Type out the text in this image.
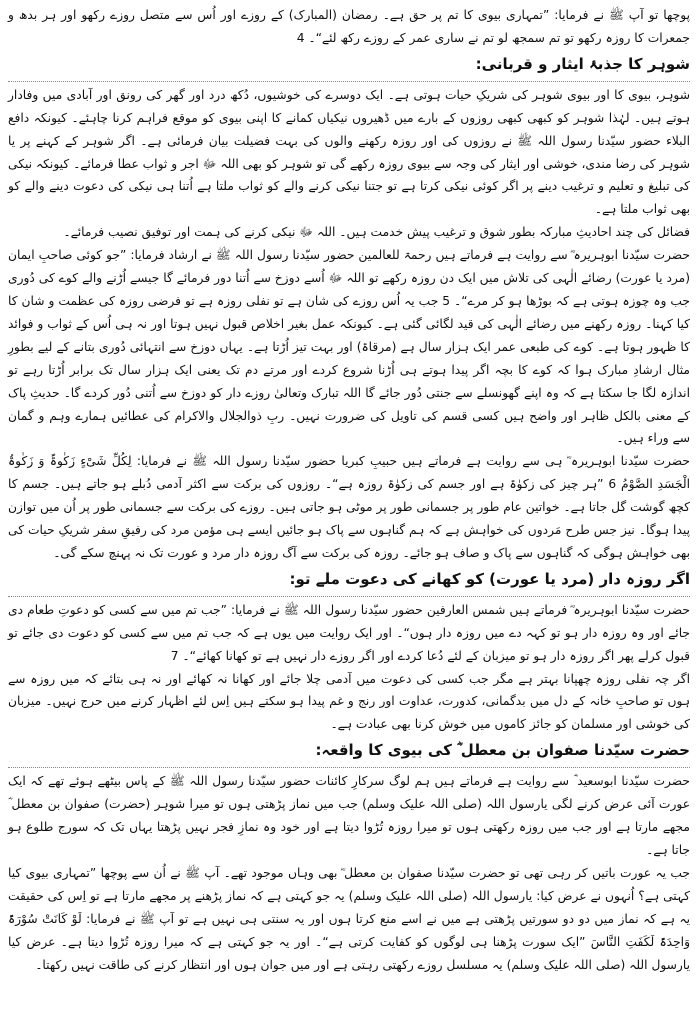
پوچھا تو آپ ﷺ نے فرمایا: ”تمہاری بیوی کا تم پر حق ہے۔ رمضان (المبارک) کے روزے اور اُس سے متصل روزے رکھو اور ہر بدھ و جمعرات کا روزہ رکھو تو تم سمجھ لو تم نے ساری عمر کے روزے رکھ لئے“۔ 4
شوہر کا جذبۂ ایثار و قربانی:
شوہر، بیوی کا اور بیوی شوہر کی شریکِ حیات ہوتی ہے۔ ایک دوسرے کی خوشیوں، دُکھ درد اور گھر کی رونق اور آبادی میں وفادار ہوتے ہیں۔ لہٰذا شوہر کو کبھی کبھی روزوں کے بارے میں ڈھیروں نیکیاں کمانے کا اپنی بیوی کو موقع فراہم کرنا چاہئے۔ کیونکہ دافع البلاء حضور سیّدنا رسول اللہ ﷺ نے روزوں کی اور روزہ رکھنے والوں کی بہت فضیلت بیان فرمائی ہے۔ اگر شوہر کے کہنے پر یا شوہر کی رضا مندی، خوشی اور ایثار کی وجہ سے بیوی روزہ رکھے گی تو شوہر کو بھی اللہ ﷻ اجر و ثواب عطا فرمائے۔ کیونکہ نیکی کی تبلیغ و تعلیم و ترغیب دینے پر اگر کوئی نیکی کرتا ہے تو جتنا نیکی کرنے والے کو ثواب ملتا ہے اُتنا ہی نیکی کی دعوت دینے والے کو بھی ثواب ملتا ہے۔
فضائل کی چند احادیثِ مبارکہ بطور شوق و ترغیب پیش خدمت ہیں۔ اللہ ﷻ نیکی کرنے کی ہمت اور توفیق نصیب فرمائے۔
حضرت سیّدنا ابوہریرہ ؓ سے روایت ہے فرماتے ہیں رحمۃ للعالمین حضور سیّدنا رسول اللہ ﷺ نے ارشاد فرمایا: ”جو کوئی صاحبِ ایمان (مرد یا عورت) رضائے الٰہی کی تلاش میں ایک دن روزہ رکھے تو اللہ ﷻ اُسے دوزخ سے اُتنا دور فرمائے گا جیسے اُڑنے والے کوے کی دُوری جب وہ چوزہ ہوتی ہے کہ بوڑھا ہو کر مرے“۔ 5 جب یہ اُس روزے کی شان ہے تو نفلی روزہ ہے تو فرضی روزہ کی عظمت و شان کا کیا کہنا۔ روزہ رکھنے میں رضائے الٰہی کی قید لگائی گئی ہے۔ کیونکہ عمل بغیر اخلاص قبول نہیں ہوتا اور نہ ہی اُس کے ثواب و فوائد کا ظہور ہوتا ہے۔ کوے کی طبعی عمر ایک ہزار سال ہے (مرقاۃ) اور بہت تیز اُڑتا ہے۔ یہاں دوزخ سے انتہائی دُوری بتانے کے لیے بطورِ مثال ارشادِ مبارک ہوا کہ کوے کا بچہ اگر پیدا ہوتے ہی اُڑنا شروع کردے اور مرتے دم تک یعنی ایک ہزار سال تک برابر اُڑتا رہے تو اندازہ لگا جا سکتا ہے کہ وہ اپنے گھونسلے سے جنتی دُور جائے گا اللہ تبارک وتعالیٰ روزے دار کو دوزخ سے اُتنی دُور کردے گا۔ حدیثِ پاک کے معنی بالکل ظاہر اور واضح ہیں کسی قسم کی تاویل کی ضرورت نہیں۔ ربِ ذوالجلال والاکرام کی عطائیں ہمارے وہم و گمان سے وراء ہیں۔
حضرت سیّدنا ابوہریرہ ؓ ہی سے روایت ہے فرماتے ہیں حبیبِ کبریا حضور سیّدنا رسول اللہ ﷺ نے فرمایا: لِکُلِّ شَیْءٍ زَکٰوۃٌ وَ زَکٰوۃُ الْجَسَدِ الصَّوْمُ 6 ”ہر چیز کی زکوٰۃ ہے اور جسم کی زکوٰۃ روزہ ہے“۔ روزوں کی برکت سے اکثر آدمی دُبلے ہو جاتے ہیں۔ جسم کا کچھ گوشت گل جاتا ہے۔ خواتین عام طور پر جسمانی طور پر موٹی ہو جاتی ہیں۔ روزے کی برکت سے جسمانی طور پر اُن میں توازن پیدا ہوگا۔ نیز جس طرح مَردوں کی خواہش ہے کہ ہم گناہوں سے پاک ہو جائیں ایسے ہی مؤمن مرد کی رفیقِ سفر شریکِ حیات کی بھی خواہش ہوگی کہ گناہوں سے پاک و صاف ہو جائے۔ روزہ کی برکت سے آگ روزہ دار مرد و عورت تک نہ پہنچ سکے گی۔
اگر روزہ دار (مرد یا عورت) کو کھانے کی دعوت ملے تو:
حضرت سیّدنا ابوہریرہ ؓ فرماتے ہیں شمس العارفین حضور سیّدنا رسول اللہ ﷺ نے فرمایا: ”جب تم میں سے کسی کو دعوتِ طعام دی جائے اور وہ روزہ دار ہو تو کہہ دے میں روزہ دار ہوں“۔ اور ایک روایت میں یوں ہے کہ جب تم میں سے کسی کو دعوت دی جائے تو قبول کرلے پھر اگر روزہ دار ہو تو میزبان کے لئے دُعا کردے اور اگر روزے دار نہیں ہے تو کھانا کھائے“۔ 7
اگر چہ نفلی روزہ چھپانا بہتر ہے مگر جب کسی کی دعوت میں آدمی چلا جائے اور کھانا نہ کھائے اور نہ ہی بتائے کہ میں روزہ سے ہوں تو صاحبِ خانہ کے دل میں بدگمانی، کدورت، عداوت اور رنج و غم پیدا ہو سکتے ہیں اِس لئے اظہار کرنے میں حرج نہیں۔ میزبان کی خوشی اور مسلمان کو جائز کاموں میں خوش کرنا بھی عبادت ہے۔
حضرت سیّدنا صفوان بن معطل ؓ کی بیوی کا واقعہ:
حضرت سیّدنا ابوسعید ؓ سے روایت ہے فرماتے ہیں ہم لوگ سرکارِ کائنات حضور سیّدنا رسول اللہ ﷺ کے پاس بیٹھے ہوئے تھے کہ ایک عورت آئی عرض کرنے لگی یارسول اللہ (صلی اللہ علیک وسلم) جب میں نماز پڑھتی ہوں تو میرا شوہر (حضرت) صفوان بن معطل ؓ مجھے مارتا ہے اور جب میں روزہ رکھتی ہوں تو میرا روزہ تُڑوا دیتا ہے اور خود وہ نمازِ فجر نہیں پڑھتا یہاں تک کہ سورج طلوع ہو جاتا ہے۔
جب یہ عورت باتیں کر رہی تھی تو حضرت سیّدنا صفوان بن معطل ؓ بھی وہاں موجود تھے۔ آپ ﷺ نے اُن سے پوچھا ”تمہاری بیوی کیا کہتی ہے؟ اُنہوں نے عرض کیا: یارسول اللہ (صلی اللہ علیک وسلم) یہ جو کہتی ہے کہ نماز پڑھنے پر مجھے مارتا ہے تو اِس کی حقیقت یہ ہے کہ نماز میں دو دو سورتیں پڑھتی ہے میں نے اسے منع کرتا ہوں اور یہ سنتی ہی نہیں ہے تو آپ ﷺ نے فرمایا: لَوْ کَانَتْ سُوْرَۃً وَاحِدَۃً لَکَفَتِ النَّاسَ ”ایک سورت پڑھنا ہی لوگوں کو کفایت کرتی ہے“۔ اور یہ جو کہتی ہے کہ میرا روزہ تُڑوا دیتا ہے۔ عرض کیا یارسول اللہ (صلی اللہ علیک وسلم) یہ مسلسل روزے رکھتی رہتی ہے اور میں جوان ہوں اور انتظار کرنے کی طاقت نہیں رکھتا۔
